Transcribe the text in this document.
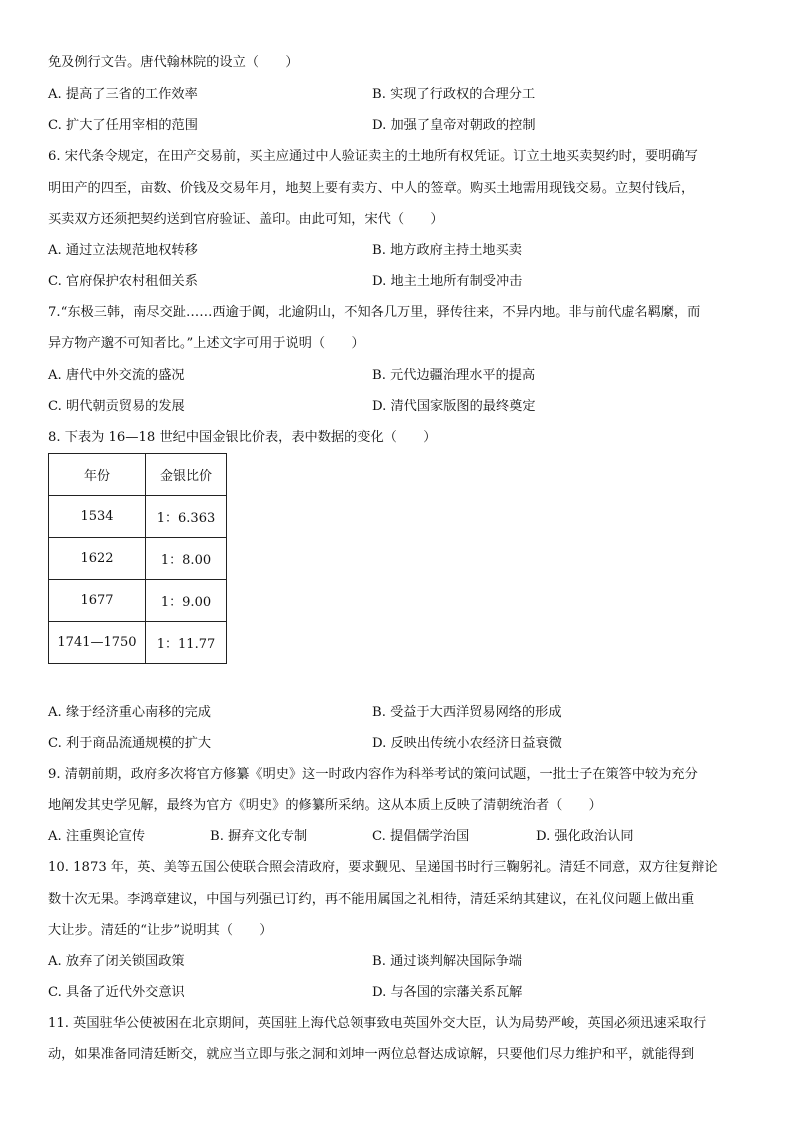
免及例行文告。唐代翰林院的设立（　　）
A. 提高了三省的工作效率	B. 实现了行政权的合理分工
C. 扩大了任用宰相的范围	D. 加强了皇帝对朝政的控制
6. 宋代条令规定，在田产交易前，买主应通过中人验证卖主的土地所有权凭证。订立土地买卖契约时，要明确写
明田产的四至，亩数、价钱及交易年月，地契上要有卖方、中人的签章。购买土地需用现钱交易。立契付钱后，
买卖双方还须把契约送到官府验证、盖印。由此可知，宋代（　　）
A. 通过立法规范地权转移	B. 地方政府主持土地买卖
C. 官府保护农村租佃关系	D. 地主土地所有制受冲击
7.“东极三韩，南尽交趾……西逾于阗，北逾阴山，不知各几万里，驿传往来，不异内地。非与前代虚名羁縻，而
异方物产邈不可知者比。”上述文字可用于说明（　　）
A. 唐代中外交流的盛况	B. 元代边疆治理水平的提高
C. 明代朝贡贸易的发展	D. 清代国家版图的最终奠定
8. 下表为 16—18 世纪中国金银比价表，表中数据的变化（　　）
年份	金银比价
1534	1：6.363
1622	1：8.00
1677	1：9.00
1741—1750	1：11.77
A. 缘于经济重心南移的完成	B. 受益于大西洋贸易网络的形成
C. 利于商品流通规模的扩大	D. 反映出传统小农经济日益衰微
9. 清朝前期，政府多次将官方修纂《明史》这一时政内容作为科举考试的策问试题，一批士子在策答中较为充分
地阐发其史学见解，最终为官方《明史》的修纂所采纳。这从本质上反映了清朝统治者（　　）
A. 注重舆论宣传	B. 摒弃文化专制	C. 提倡儒学治国	D. 强化政治认同
10. 1873 年，英、美等五国公使联合照会清政府，要求觐见、呈递国书时行三鞠躬礼。清廷不同意，双方往复辩论
数十次无果。李鸿章建议，中国与列强已订约，再不能用属国之礼相待，清廷采纳其建议，在礼仪问题上做出重
大让步。清廷的“让步”说明其（　　）
A. 放弃了闭关锁国政策	B. 通过谈判解决国际争端
C. 具备了近代外交意识	D. 与各国的宗藩关系瓦解
11. 英国驻华公使被困在北京期间，英国驻上海代总领事致电英国外交大臣，认为局势严峻，英国必须迅速采取行
动，如果准备同清廷断交，就应当立即与张之洞和刘坤一两位总督达成谅解，只要他们尽力维护和平，就能得到
